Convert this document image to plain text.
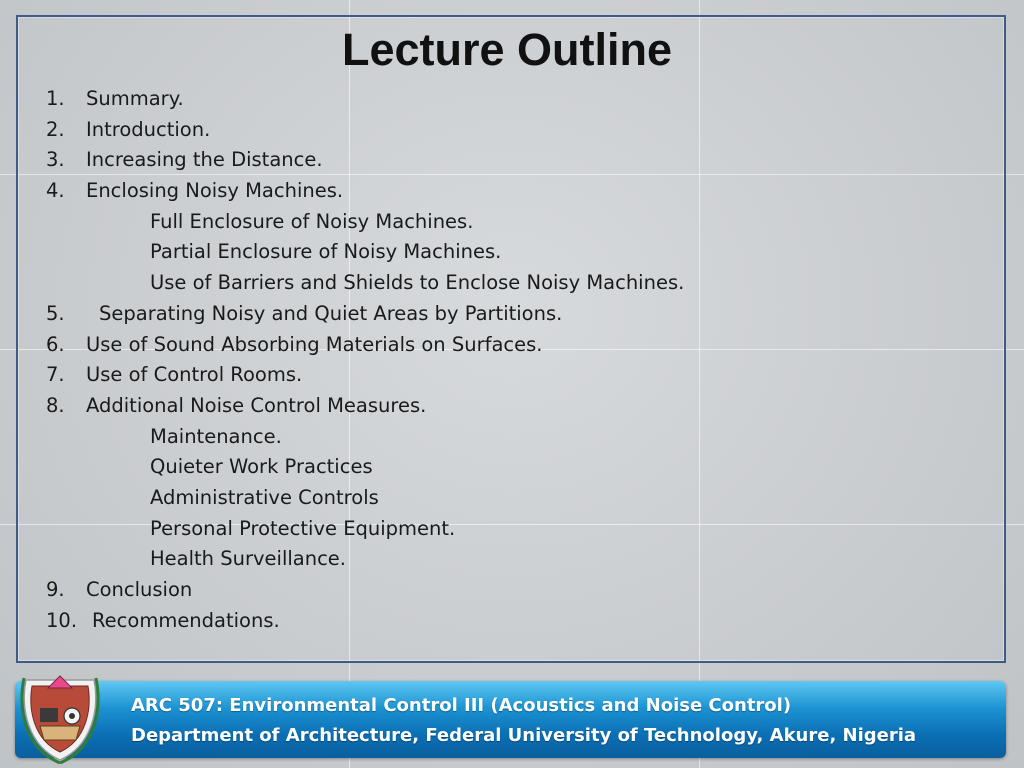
Lecture Outline
1. Summary.
2. Introduction.
3. Increasing the Distance.
4. Enclosing Noisy Machines.
Full Enclosure of Noisy Machines.
Partial Enclosure of Noisy Machines.
Use of Barriers and Shields to Enclose Noisy Machines.
5. Separating Noisy and Quiet Areas by Partitions.
6. Use of Sound Absorbing Materials on Surfaces.
7. Use of Control Rooms.
8. Additional Noise Control Measures.
Maintenance.
Quieter Work Practices
Administrative Controls
Personal Protective Equipment.
Health Surveillance.
9. Conclusion
10. Recommendations.
ARC 507: Environmental Control III (Acoustics and Noise Control)
Department of Architecture, Federal University of Technology, Akure, Nigeria
